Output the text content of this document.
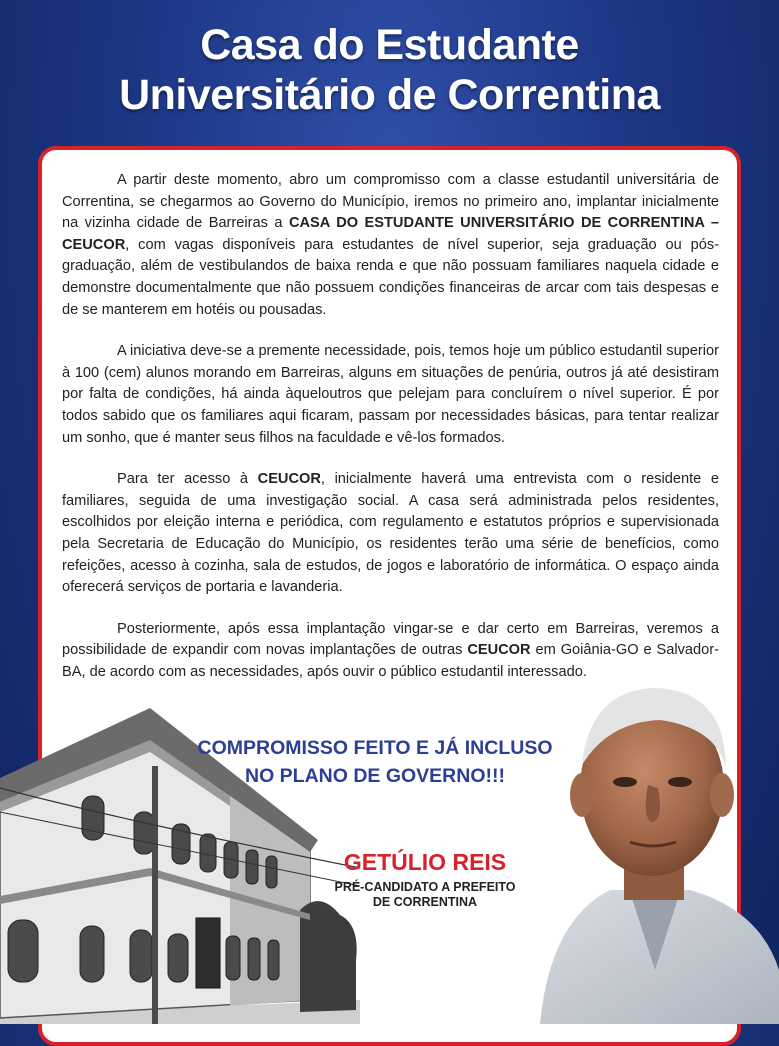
Casa do Estudante
Universitário de Correntina

A partir deste momento, abro um compromisso com a classe estudantil universitária de Correntina, se chegarmos ao Governo do Município, iremos no primeiro ano, implantar inicialmente na vizinha cidade de Barreiras a CASA DO ESTUDANTE UNIVERSITÁRIO DE CORRENTINA – CEUCOR, com vagas disponíveis para estudantes de nível superior, seja graduação ou pós-graduação, além de vestibulandos de baixa renda e que não possuam familiares naquela cidade e demonstre documentalmente que não possuem condições financeiras de arcar com tais despesas e de se manterem em hotéis ou pousadas.

A iniciativa deve-se a premente necessidade, pois, temos hoje um público estudantil superior à 100 (cem) alunos morando em Barreiras, alguns em situações de penúria, outros já até desistiram por falta de condições, há ainda àqueloutros que pelejam para concluírem o nível superior. É por todos sabido que os familiares aqui ficaram, passam por necessidades básicas, para tentar realizar um sonho, que é manter seus filhos na faculdade e vê-los formados.

Para ter acesso à CEUCOR, inicialmente haverá uma entrevista com o residente e familiares, seguida de uma investigação social. A casa será administrada pelos residentes, escolhidos por eleição interna e periódica, com regulamento e estatutos próprios e supervisionada pela Secretaria de Educação do Município, os residentes terão uma série de benefícios, como refeições, acesso à cozinha, sala de estudos, de jogos e laboratório de informática. O espaço ainda oferecerá serviços de portaria e lavanderia.

Posteriormente, após essa implantação vingar-se e dar certo em Barreiras, veremos a possibilidade de expandir com novas implantações de outras CEUCOR em Goiânia-GO e Salvador-BA, de acordo com as necessidades, após ouvir o público estudantil interessado.

COMPROMISSO FEITO E JÁ INCLUSO
NO PLANO DE GOVERNO!!!
GETÚLIO REIS
PRÉ-CANDIDATO A PREFEITO
DE CORRENTINA
